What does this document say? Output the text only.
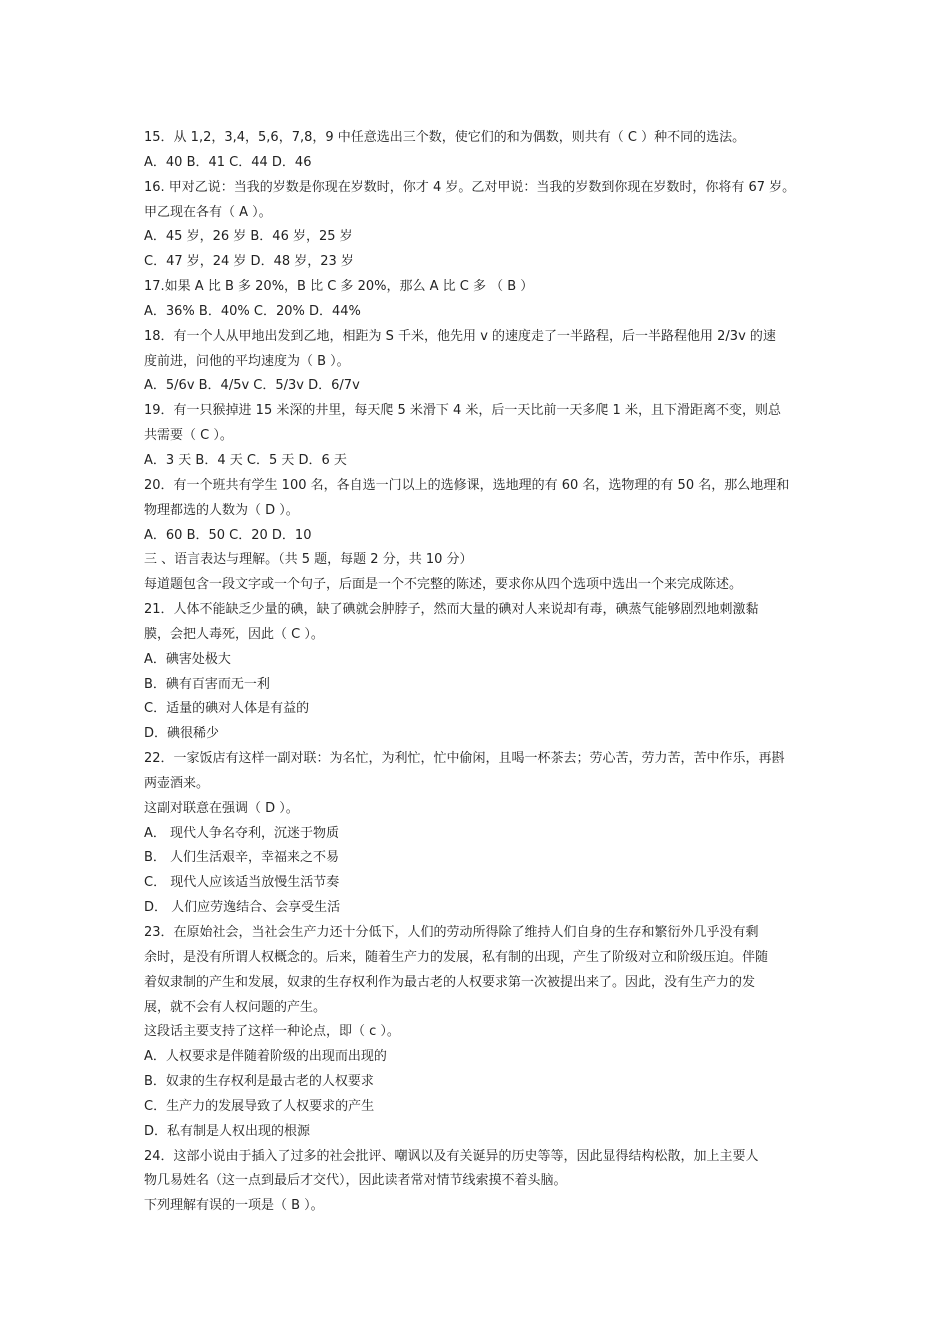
15．从 1,2，3,4，5,6，7,8，9 中任意选出三个数，使它们的和为偶数，则共有（ C ）种不同的选法。
A．40 B．41 C．44 D．46
16. 甲对乙说：当我的岁数是你现在岁数时，你才 4 岁。乙对甲说：当我的岁数到你现在岁数时，你将有 67 岁。
甲乙现在各有（ A ）。
A．45 岁，26 岁 B．46 岁，25 岁
C．47 岁，24 岁 D．48 岁，23 岁
17.如果 A 比 B 多 20%，B 比 C 多 20%，那么 A 比 C 多 （ B ）
A．36% B．40% C．20% D．44%
18．有一个人从甲地出发到乙地，相距为 S 千米，他先用 v 的速度走了一半路程，后一半路程他用 2/3v 的速
度前进，问他的平均速度为（ B ）。
A．5/6v B．4/5v C．5/3v D．6/7v
19．有一只猴掉进 15 米深的井里，每天爬 5 米滑下 4 米，后一天比前一天多爬 1 米，且下滑距离不变，则总
共需要（ C ）。
A．3 天 B．4 天 C．5 天 D．6 天
20．有一个班共有学生 100 名，各自选一门以上的选修课，选地理的有 60 名，选物理的有 50 名，那么地理和
物理都选的人数为（ D ）。
A．60 B．50 C．20 D．10
三 、语言表达与理解。（共 5 题，每题 2 分，共 10 分）
每道题包含一段文字或一个句子，后面是一个不完整的陈述，要求你从四个选项中选出一个来完成陈述。
21．人体不能缺乏少量的碘，缺了碘就会肿脖子，然而大量的碘对人来说却有毒，碘蒸气能够剧烈地刺激黏
膜，会把人毒死，因此（ C ）。
A．碘害处极大
B．碘有百害而无一利
C．适量的碘对人体是有益的
D．碘很稀少
22．一家饭店有这样一副对联：为名忙，为利忙，忙中偷闲，且喝一杯茶去；劳心苦，劳力苦，苦中作乐，再斟
两壶酒来。
这副对联意在强调（ D ）。
A． 现代人争名夺利，沉迷于物质
B． 人们生活艰辛，幸福来之不易
C． 现代人应该适当放慢生活节奏
D． 人们应劳逸结合、会享受生活
23．在原始社会，当社会生产力还十分低下，人们的劳动所得除了维持人们自身的生存和繁衍外几乎没有剩
余时，是没有所谓人权概念的。后来，随着生产力的发展，私有制的出现，产生了阶级对立和阶级压迫。伴随
着奴隶制的产生和发展，奴隶的生存权利作为最古老的人权要求第一次被提出来了。因此，没有生产力的发
展，就不会有人权问题的产生。
这段话主要支持了这样一种论点，即（ c ）。
A．人权要求是伴随着阶级的出现而出现的
B．奴隶的生存权利是最古老的人权要求
C．生产力的发展导致了人权要求的产生
D．私有制是人权出现的根源
24．这部小说由于插入了过多的社会批评、嘲讽以及有关诞异的历史等等，因此显得结构松散，加上主要人
物几易姓名（这一点到最后才交代），因此读者常对情节线索摸不着头脑。
下列理解有误的一项是（ B ）。
